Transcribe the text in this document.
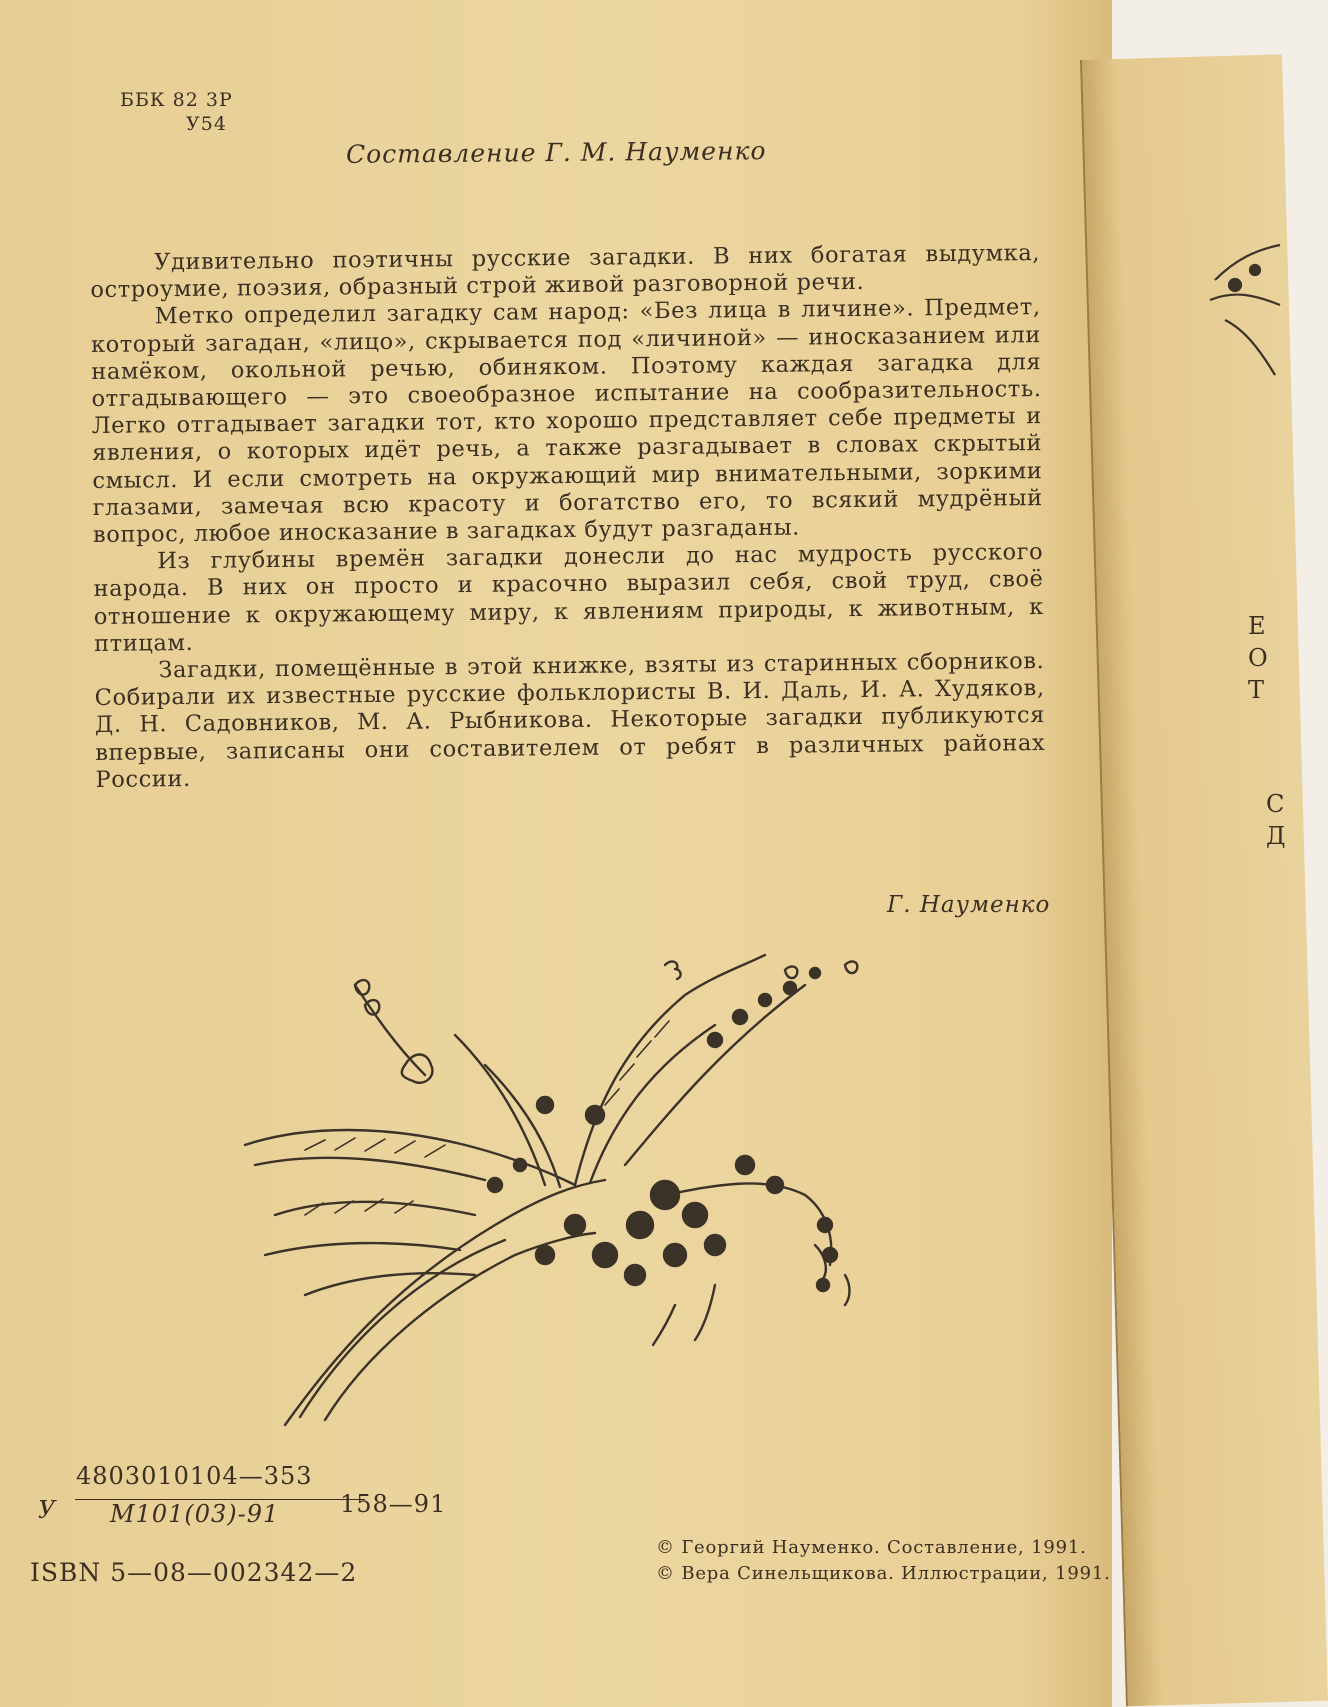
ББК 82 3Р
У54
Составление Г. М. Науменко

Удивительно поэтичны русские загадки. В них богатая выдумка, остроумие, поэзия, образный строй живой разговорной речи.

Метко определил загадку сам народ: «Без лица в личине». Предмет, который загадан, «лицо», скрывается под «личиной» — иносказанием или намёком, окольной речью, обиняком. Поэтому каждая загадка для отгадывающего — это своеобразное испытание на сообразительность. Легко отгадывает загадки тот, кто хорошо представляет себе предметы и явления, о которых идёт речь, а также разгадывает в словах скрытый смысл. И если смотреть на окружающий мир внимательными, зоркими глазами, замечая всю красоту и богатство его, то всякий мудрёный вопрос, любое иносказание в загадках будут разгаданы.

Из глубины времён загадки донесли до нас мудрость русского народа. В них он просто и красочно выразил себя, свой труд, своё отношение к окружающему миру, к явлениям природы, к животным, к птицам.

Загадки, помещённые в этой книжке, взяты из старинных сборников. Собирали их известные русские фольклористы В. И. Даль, И. А. Худяков, Д. Н. Садовников, М. А. Рыбникова. Некоторые загадки публикуются впервые, записаны они составителем от ребят в различных районах России.

Г. Науменко
У
4803010104—353
М101(03)-91	158—91
ISBN 5—08—002342—2
© Георгий Науменко. Составление, 1991.
© Вера Синельщикова. Иллюстрации, 1991.
Е
О
Т
С
Д
